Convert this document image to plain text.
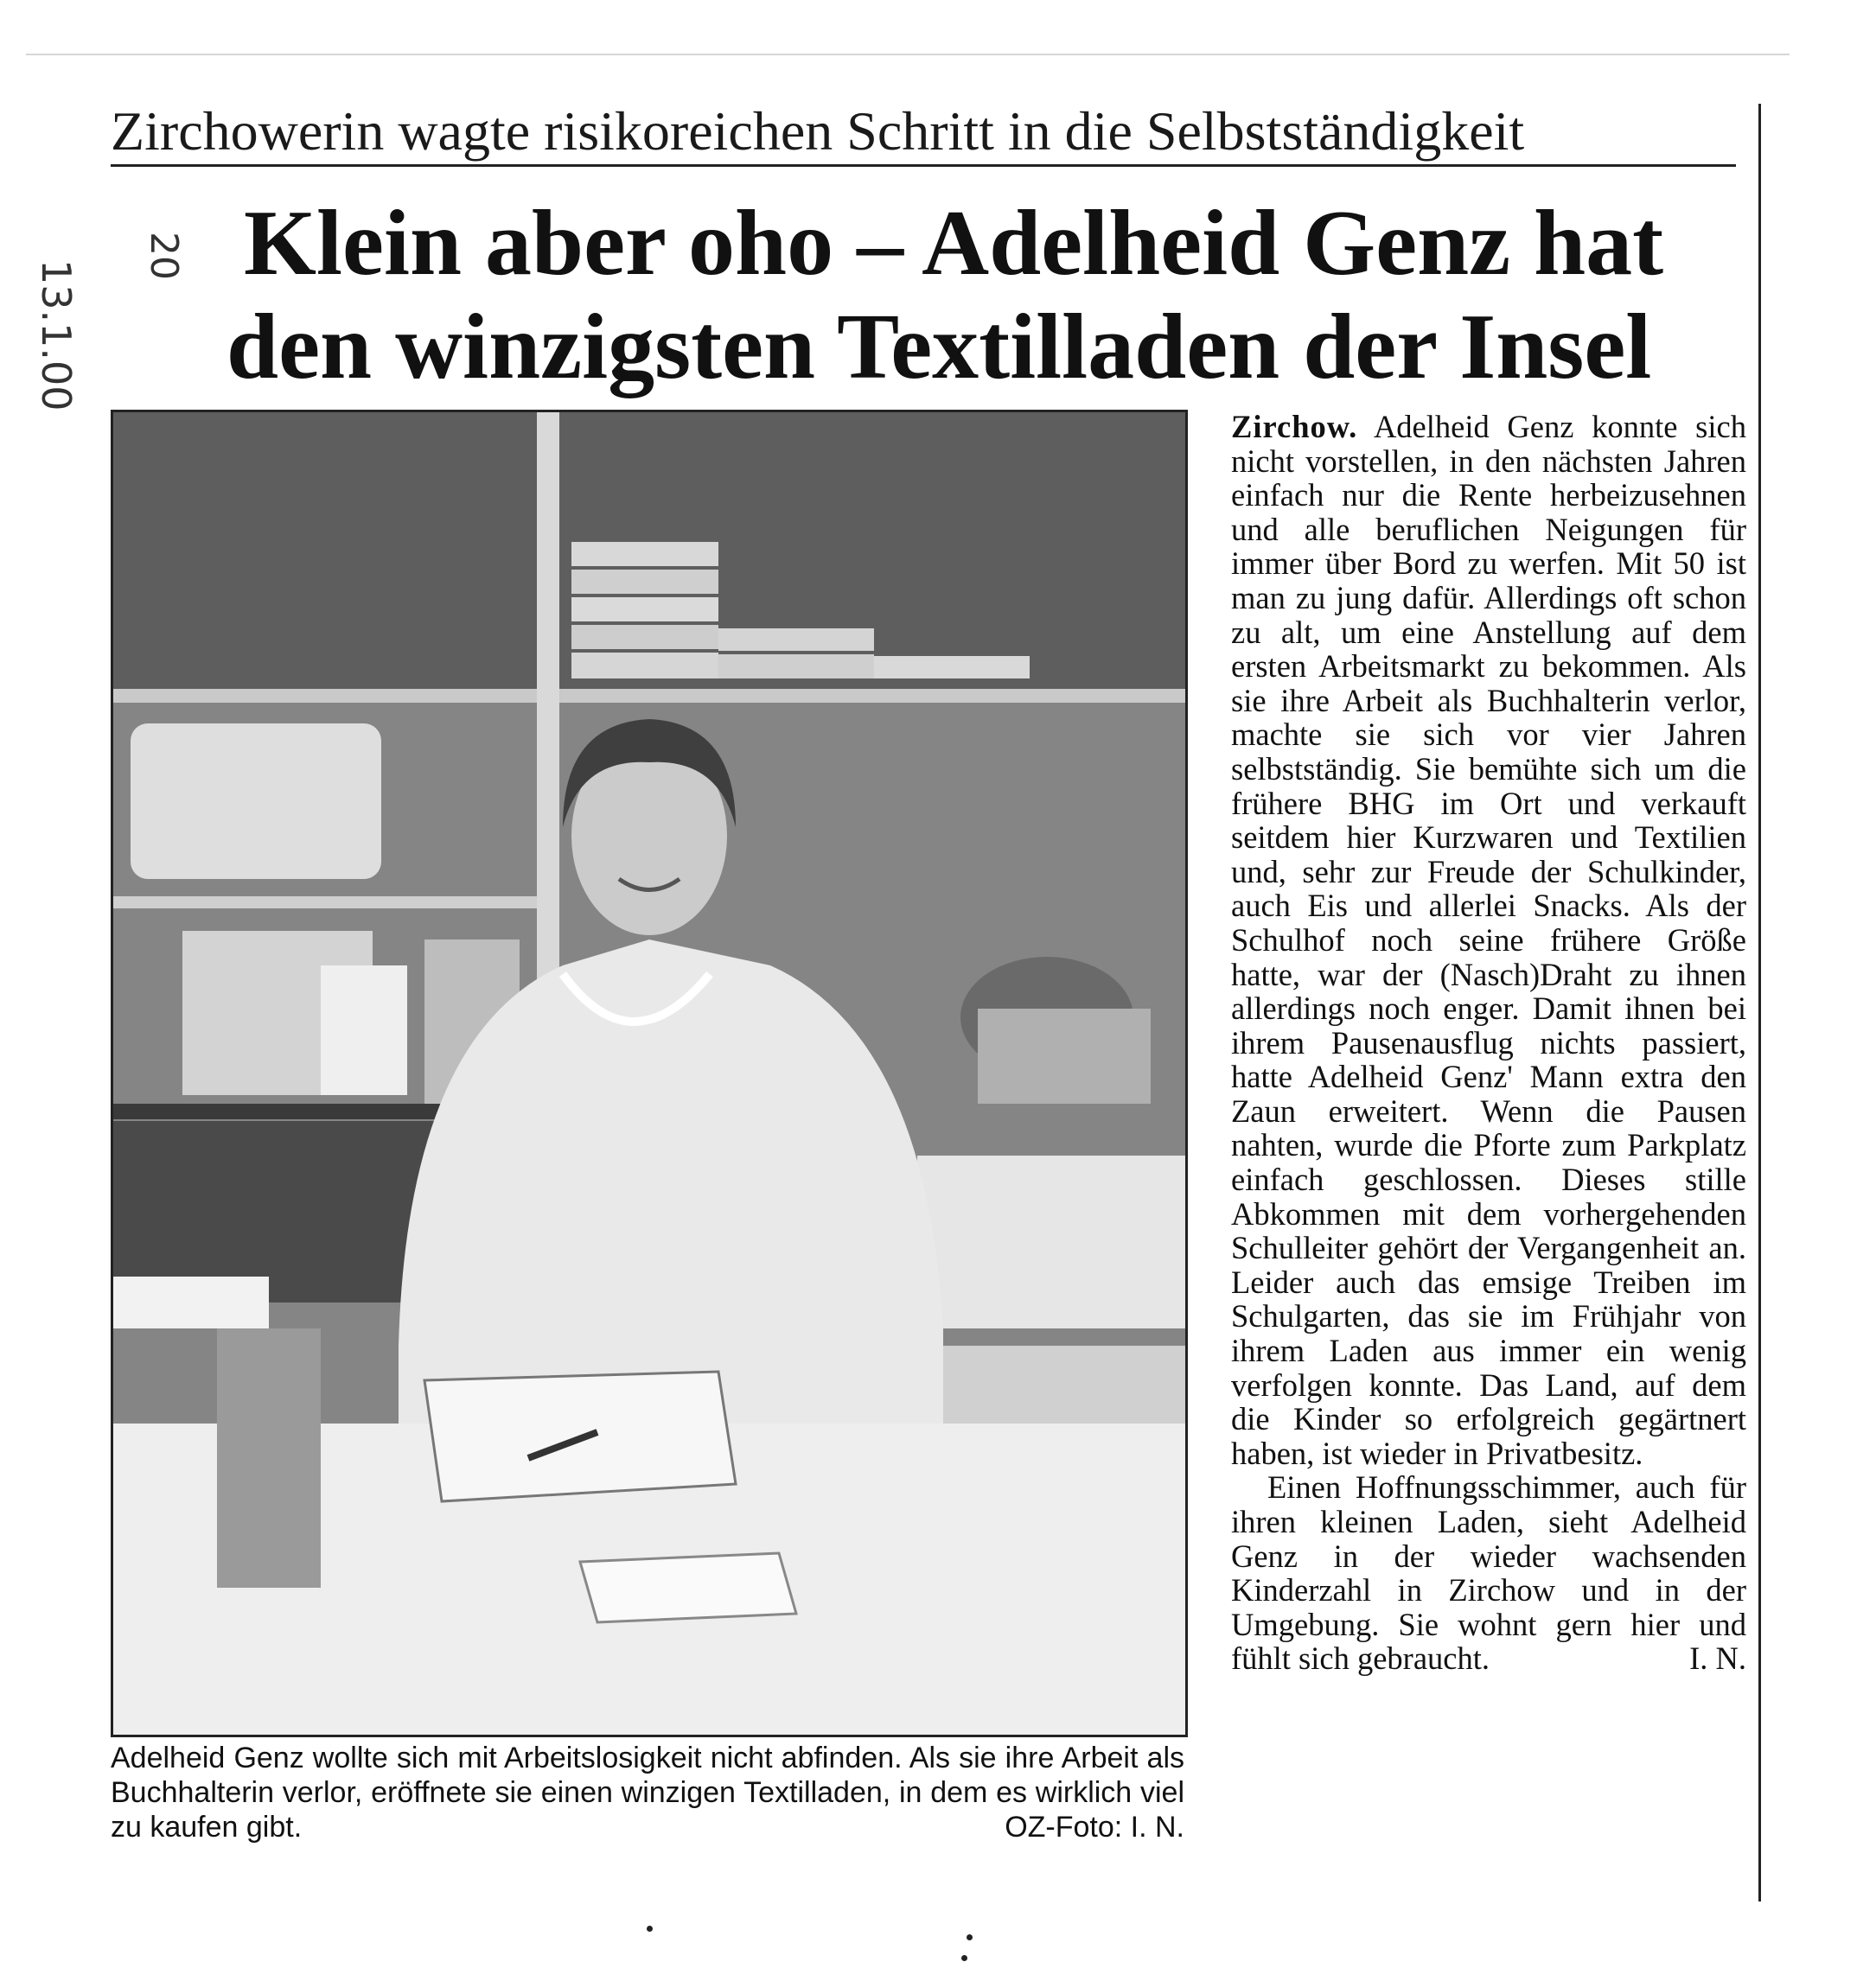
Zirchowerin wagte risikoreichen Schritt in die Selbstständigkeit
13.1.00
20 Klein aber oho – Adelheid Genz hat
den winzigsten Textilladen der Insel
Adelheid Genz wollte sich mit Arbeitslosigkeit nicht abfinden. Als sie ihre Arbeit als Buchhalterin verlor, eröffnete sie einen winzigen Textilladen, in dem es wirklich viel zu kaufen gibt.	OZ-Foto: I. N.

Zirchow. Adelheid Genz konnte sich nicht vorstellen, in den nächsten Jahren einfach nur die Rente herbeizusehnen und alle beruflichen Neigungen für immer über Bord zu werfen. Mit 50 ist man zu jung dafür. Allerdings oft schon zu alt, um eine Anstellung auf dem ersten Arbeitsmarkt zu bekommen. Als sie ihre Arbeit als Buchhalterin verlor, machte sie sich vor vier Jahren selbstständig. Sie bemühte sich um die frühere BHG im Ort und verkauft seitdem hier Kurzwaren und Textilien und, sehr zur Freude der Schulkinder, auch Eis und allerlei Snacks. Als der Schulhof noch seine frühere Größe hatte, war der (Nasch)Draht zu ihnen allerdings noch enger. Damit ihnen bei ihrem Pausenausflug nichts passiert, hatte Adelheid Genz' Mann extra den Zaun erweitert. Wenn die Pausen nahten, wurde die Pforte zum Parkplatz einfach geschlossen. Dieses stille Abkommen mit dem vorhergehenden Schulleiter gehört der Vergangenheit an. Leider auch das emsige Treiben im Schulgarten, das sie im Frühjahr von ihrem Laden aus immer ein wenig verfolgen konnte. Das Land, auf dem die Kinder so erfolgreich gegärtnert haben, ist wieder in Privatbesitz.

Einen Hoffnungsschimmer, auch für ihren kleinen Laden, sieht Adelheid Genz in der wieder wachsenden Kinderzahl in Zirchow und in der Umgebung. Sie wohnt gern hier und fühlt sich gebraucht.	I. N.
